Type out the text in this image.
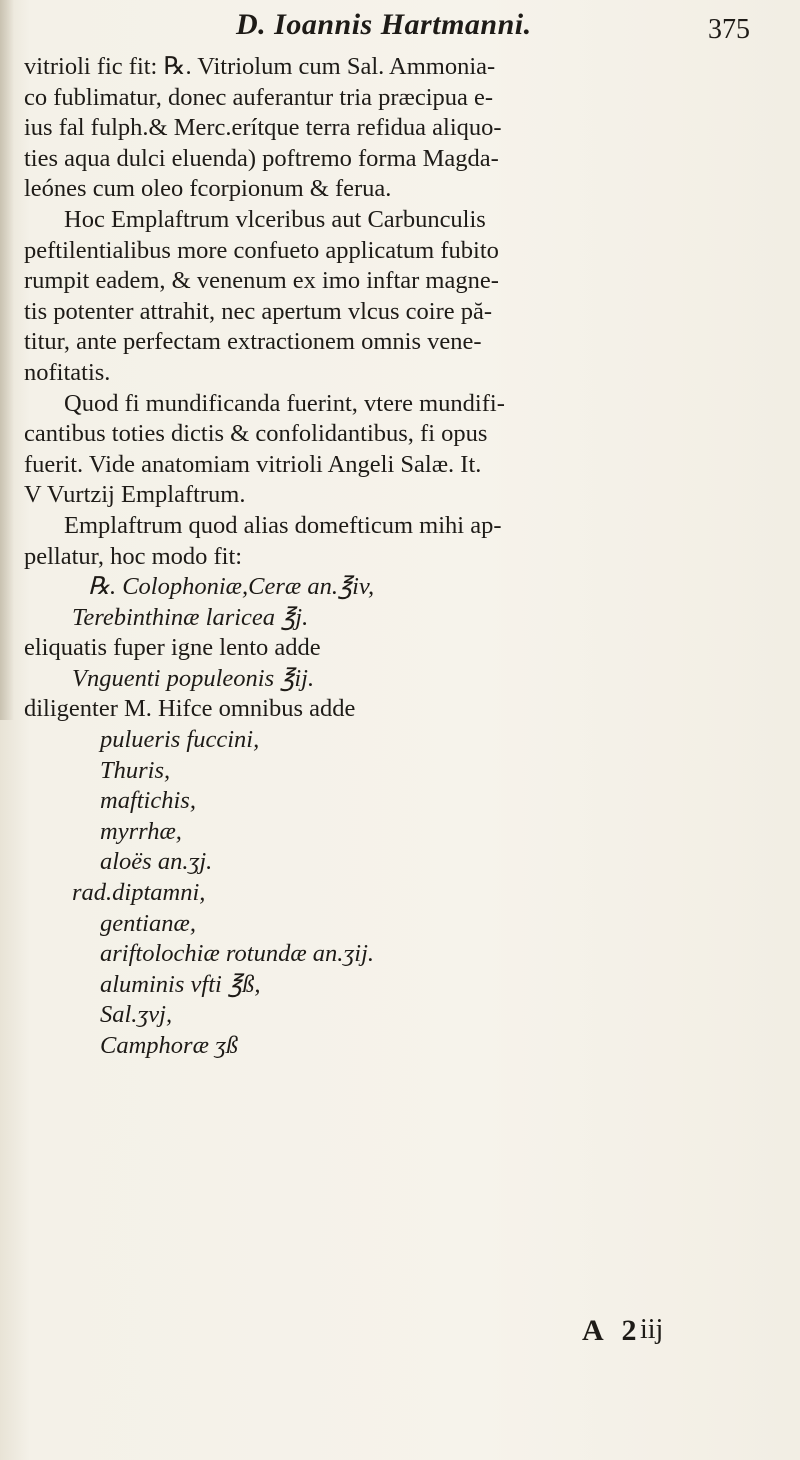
D. Ioannis Hartmanni.	375
vitrioli fic fit: ℞. Vitriolum cum Sal. Ammonia-
co fublimatur, donec auferantur tria præcipua e-
ius fal fulph.& Merc.erítque terra refidua aliquo-
ties aqua dulci eluenda) poftremo forma Magda-
leónes cum oleo fcorpionum & ferua.
Hoc Emplaftrum vlceribus aut Carbunculis
peftilentialibus more confueto applicatum fubito
rumpit eadem, & venenum ex imo inftar magne-
tis potenter attrahit, nec apertum vlcus coire pă-
titur, ante perfectam extractionem omnis vene-
nofitatis.
Quod fi mundificanda fuerint, vtere mundifi-
cantibus toties dictis & confolidantibus, fi opus
fuerit. Vide anatomiam vitrioli Angeli Salæ. It.
V Vurtzij Emplaftrum.
Emplaftrum quod alias domefticum mihi ap-
pellatur, hoc modo fit:
℞. Colophoniæ,Ceræ an.℥iv,
Terebinthinæ laricea ℥j.
eliquatis fuper igne lento adde
Vnguenti populeonis ℥ij.
diligenter M. Hifce omnibus adde
pulueris fuccini,
Thuris,
maftichis,
myrrhæ,
aloës an.ʒj.
rad.diptamni,
gentianæ,
ariftolochiæ rotundæ an.ʒij.
aluminis vfti ℥ß,
Sal.ʒvj,
Camphoræ ʒß
A 2
iij
